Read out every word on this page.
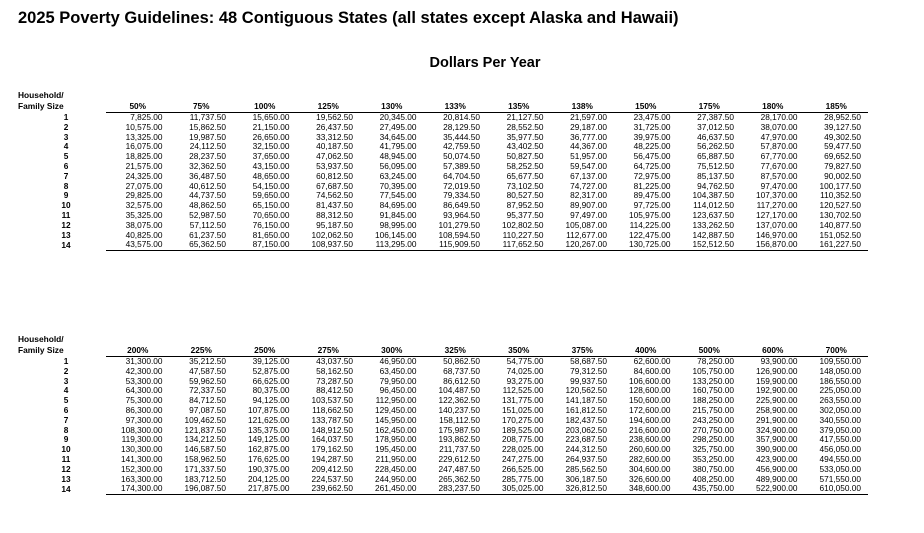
2025 Poverty Guidelines: 48 Contiguous States (all states except Alaska and Hawaii)
Dollars Per Year
Household/
Family Size
Household/
Family Size
	50%	75%	100%	125%	130%	133%	135%	138%	150%	175%	180%	185%
1	7,825.00	11,737.50	15,650.00	19,562.50	20,345.00	20,814.50	21,127.50	21,597.00	23,475.00	27,387.50	28,170.00	28,952.50
2	10,575.00	15,862.50	21,150.00	26,437.50	27,495.00	28,129.50	28,552.50	29,187.00	31,725.00	37,012.50	38,070.00	39,127.50
3	13,325.00	19,987.50	26,650.00	33,312.50	34,645.00	35,444.50	35,977.50	36,777.00	39,975.00	46,637.50	47,970.00	49,302.50
4	16,075.00	24,112.50	32,150.00	40,187.50	41,795.00	42,759.50	43,402.50	44,367.00	48,225.00	56,262.50	57,870.00	59,477.50
5	18,825.00	28,237.50	37,650.00	47,062.50	48,945.00	50,074.50	50,827.50	51,957.00	56,475.00	65,887.50	67,770.00	69,652.50
6	21,575.00	32,362.50	43,150.00	53,937.50	56,095.00	57,389.50	58,252.50	59,547.00	64,725.00	75,512.50	77,670.00	79,827.50
7	24,325.00	36,487.50	48,650.00	60,812.50	63,245.00	64,704.50	65,677.50	67,137.00	72,975.00	85,137.50	87,570.00	90,002.50
8	27,075.00	40,612.50	54,150.00	67,687.50	70,395.00	72,019.50	73,102.50	74,727.00	81,225.00	94,762.50	97,470.00	100,177.50
9	29,825.00	44,737.50	59,650.00	74,562.50	77,545.00	79,334.50	80,527.50	82,317.00	89,475.00	104,387.50	107,370.00	110,352.50
10	32,575.00	48,862.50	65,150.00	81,437.50	84,695.00	86,649.50	87,952.50	89,907.00	97,725.00	114,012.50	117,270.00	120,527.50
11	35,325.00	52,987.50	70,650.00	88,312.50	91,845.00	93,964.50	95,377.50	97,497.00	105,975.00	123,637.50	127,170.00	130,702.50
12	38,075.00	57,112.50	76,150.00	95,187.50	98,995.00	101,279.50	102,802.50	105,087.00	114,225.00	133,262.50	137,070.00	140,877.50
13	40,825.00	61,237.50	81,650.00	102,062.50	106,145.00	108,594.50	110,227.50	112,677.00	122,475.00	142,887.50	146,970.00	151,052.50
14	43,575.00	65,362.50	87,150.00	108,937.50	113,295.00	115,909.50	117,652.50	120,267.00	130,725.00	152,512.50	156,870.00	161,227.50
	200%	225%	250%	275%	300%	325%	350%	375%	400%	500%	600%	700%
1	31,300.00	35,212.50	39,125.00	43,037.50	46,950.00	50,862.50	54,775.00	58,687.50	62,600.00	78,250.00	93,900.00	109,550.00
2	42,300.00	47,587.50	52,875.00	58,162.50	63,450.00	68,737.50	74,025.00	79,312.50	84,600.00	105,750.00	126,900.00	148,050.00
3	53,300.00	59,962.50	66,625.00	73,287.50	79,950.00	86,612.50	93,275.00	99,937.50	106,600.00	133,250.00	159,900.00	186,550.00
4	64,300.00	72,337.50	80,375.00	88,412.50	96,450.00	104,487.50	112,525.00	120,562.50	128,600.00	160,750.00	192,900.00	225,050.00
5	75,300.00	84,712.50	94,125.00	103,537.50	112,950.00	122,362.50	131,775.00	141,187.50	150,600.00	188,250.00	225,900.00	263,550.00
6	86,300.00	97,087.50	107,875.00	118,662.50	129,450.00	140,237.50	151,025.00	161,812.50	172,600.00	215,750.00	258,900.00	302,050.00
7	97,300.00	109,462.50	121,625.00	133,787.50	145,950.00	158,112.50	170,275.00	182,437.50	194,600.00	243,250.00	291,900.00	340,550.00
8	108,300.00	121,837.50	135,375.00	148,912.50	162,450.00	175,987.50	189,525.00	203,062.50	216,600.00	270,750.00	324,900.00	379,050.00
9	119,300.00	134,212.50	149,125.00	164,037.50	178,950.00	193,862.50	208,775.00	223,687.50	238,600.00	298,250.00	357,900.00	417,550.00
10	130,300.00	146,587.50	162,875.00	179,162.50	195,450.00	211,737.50	228,025.00	244,312.50	260,600.00	325,750.00	390,900.00	456,050.00
11	141,300.00	158,962.50	176,625.00	194,287.50	211,950.00	229,612.50	247,275.00	264,937.50	282,600.00	353,250.00	423,900.00	494,550.00
12	152,300.00	171,337.50	190,375.00	209,412.50	228,450.00	247,487.50	266,525.00	285,562.50	304,600.00	380,750.00	456,900.00	533,050.00
13	163,300.00	183,712.50	204,125.00	224,537.50	244,950.00	265,362.50	285,775.00	306,187.50	326,600.00	408,250.00	489,900.00	571,550.00
14	174,300.00	196,087.50	217,875.00	239,662.50	261,450.00	283,237.50	305,025.00	326,812.50	348,600.00	435,750.00	522,900.00	610,050.00
